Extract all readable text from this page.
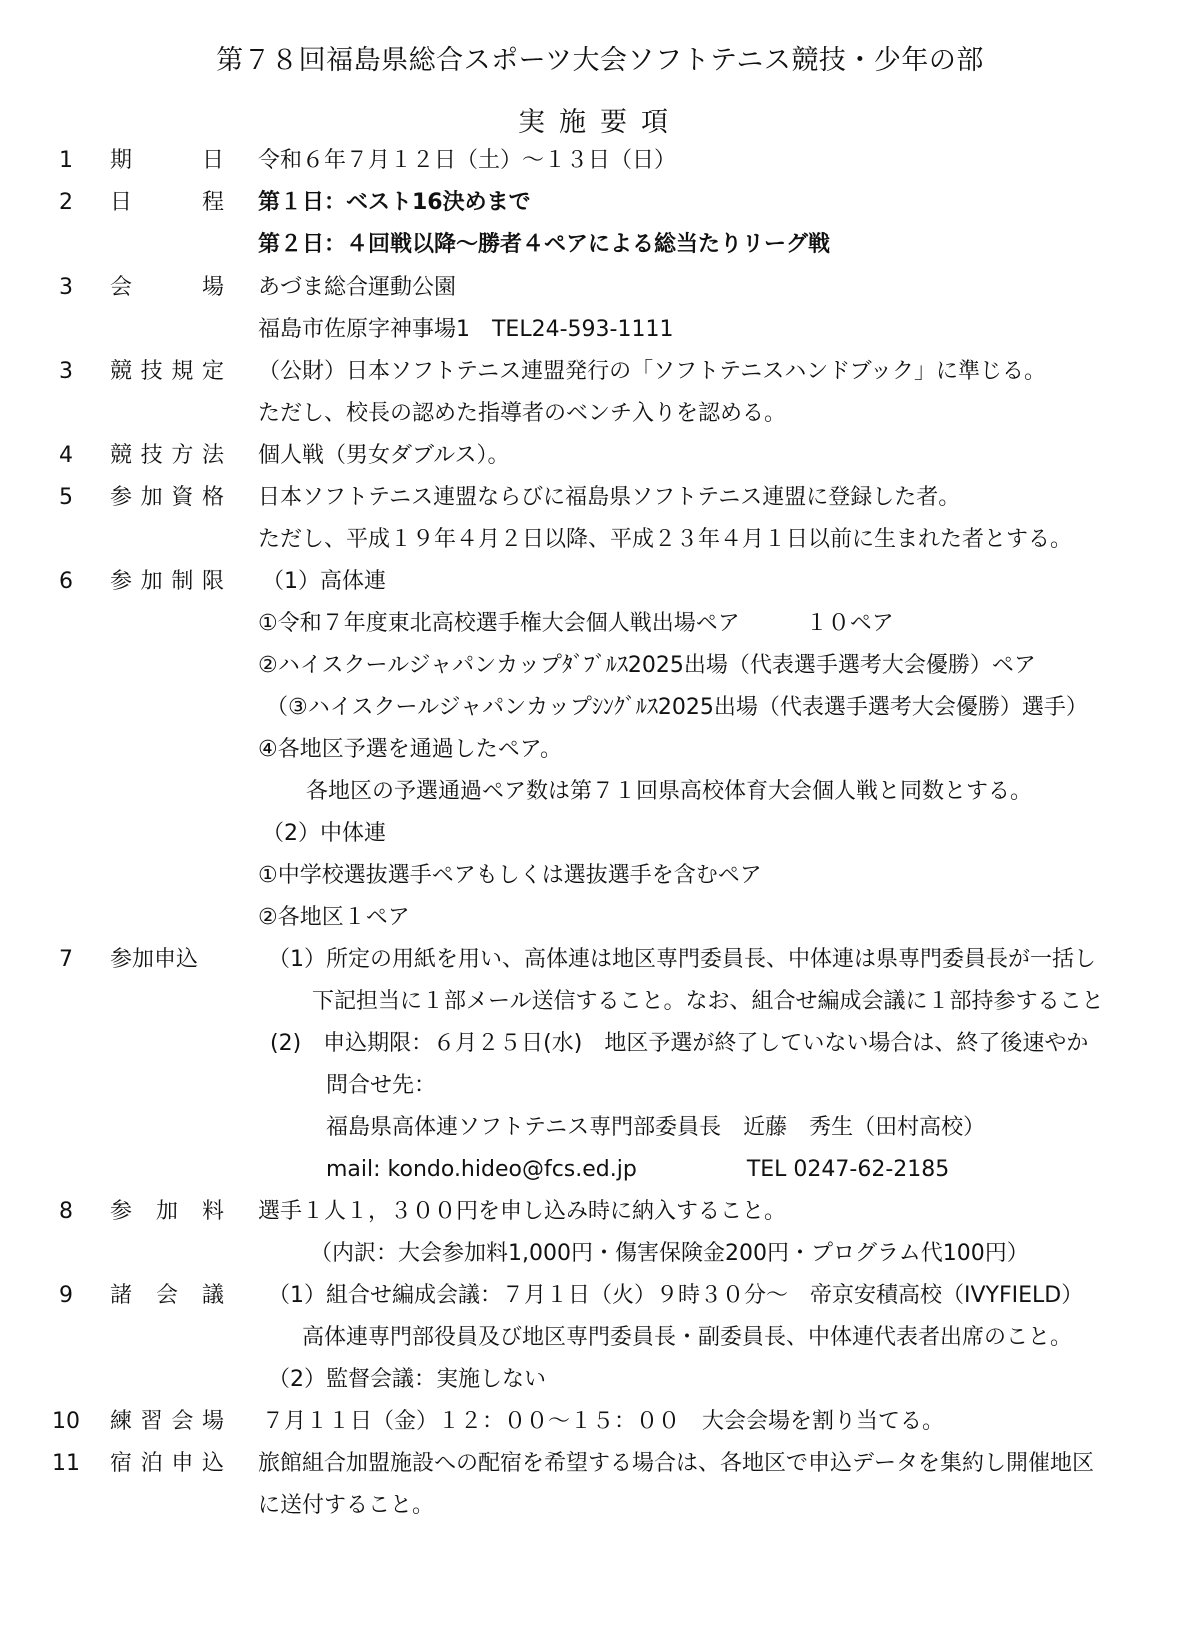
第７８回福島県総合スポーツ大会ソフトテニス競技・少年の部
実施要項
1	期日 令和６年７月１２日（土）～１３日（日）
2	日程 第１日：ベスト16決めまで
第２日：４回戦以降～勝者４ペアによる総当たりリーグ戦
3	会場 あづま総合運動公園
福島市佐原字神事場1　TEL24-593-1111
3	競技規定 （公財）日本ソフトテニス連盟発行の「ソフトテニスハンドブック」に準じる。
ただし、校長の認めた指導者のベンチ入りを認める。
4	競技方法 個人戦（男女ダブルス）。
5	参加資格 日本ソフトテニス連盟ならびに福島県ソフトテニス連盟に登録した者。
ただし、平成１９年４月２日以降、平成２３年４月１日以前に生まれた者とする。
6	参加制限 （1）高体連
①令和７年度東北高校選手権大会個人戦出場ペア　　　１０ペア
②ハイスクールジャパンカップﾀﾞﾌﾞﾙｽ2025出場（代表選手選考大会優勝）ペア
（③ハイスクールジャパンカップｼﾝｸﾞﾙｽ2025出場（代表選手選考大会優勝）選手）
④各地区予選を通過したペア。
各地区の予選通過ペア数は第７１回県高校体育大会個人戦と同数とする。
（2）中体連
①中学校選抜選手ペアもしくは選抜選手を含むペア
②各地区１ペア
7	参加申込	（1）所定の用紙を用い、高体連は地区専門委員長、中体連は県専門委員長が一括し
下記担当に１部メール送信すること。なお、組合せ編成会議に１部持参すること
(2)　申込期限：６月２５日(水)　地区予選が終了していない場合は、終了後速やか
問合せ先：
福島県高体連ソフトテニス専門部委員長　近藤　秀生（田村高校）
mail: kondo.hideo@fcs.ed.jp　　　　　TEL 0247-62-2185
8	参加料 選手１人１，３００円を申し込み時に納入すること。
（内訳：大会参加料1,000円・傷害保険金200円・プログラム代100円）
9	諸会議 （1）組合せ編成会議：７月１日（火）９時３０分～　帝京安積高校（IVYFIELD）
高体連専門部役員及び地区専門委員長・副委員長、中体連代表者出席のこと。
（2）監督会議：実施しない
10	練習会場 ７月１１日（金）１２：００～１５：００　大会会場を割り当てる。
11	宿泊申込 旅館組合加盟施設への配宿を希望する場合は、各地区で申込データを集約し開催地区
に送付すること。
